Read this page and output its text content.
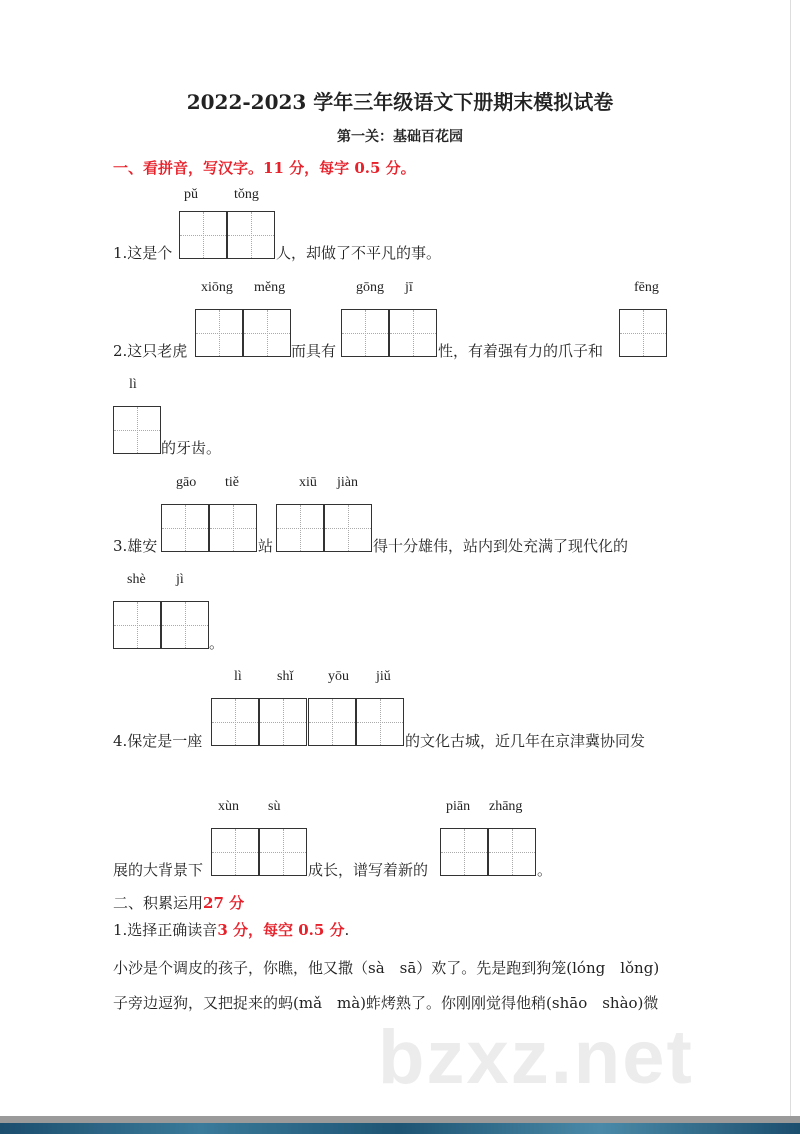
2022-2023 学年三年级语文下册期末模拟试卷
第一关：基础百花园
一、看拼音，写汉字。11 分，每字 0.5 分。
pǔ	tǒng
1.这是个	人，却做了不平凡的事。
xiōng měng	gōng jī	fēng
2.这只老虎	而具有	性，有着强有力的爪子和
lì
的牙齿。
gāo tiě	xiū jiàn
3.雄安	站	得十分雄伟，站内到处充满了现代化的
shè jì
。
lì	shǐ yōu jiǔ
4.保定是一座	的文化古城，近几年在京津冀协同发
xùn sù	piān zhāng
展的大背景下	成长，谱写着新的	。
二、积累运用27 分
1.选择正确读音3 分，每空 0.5 分.
小沙是个调皮的孩子，你瞧，他又撒（sà　sā）欢了。先是跑到狗笼(lóng　lǒng)
子旁边逗狗，又把捉来的蚂(mǎ　mà)蚱烤熟了。你刚刚觉得他稍(shāo　shào)微
bzxz.net
